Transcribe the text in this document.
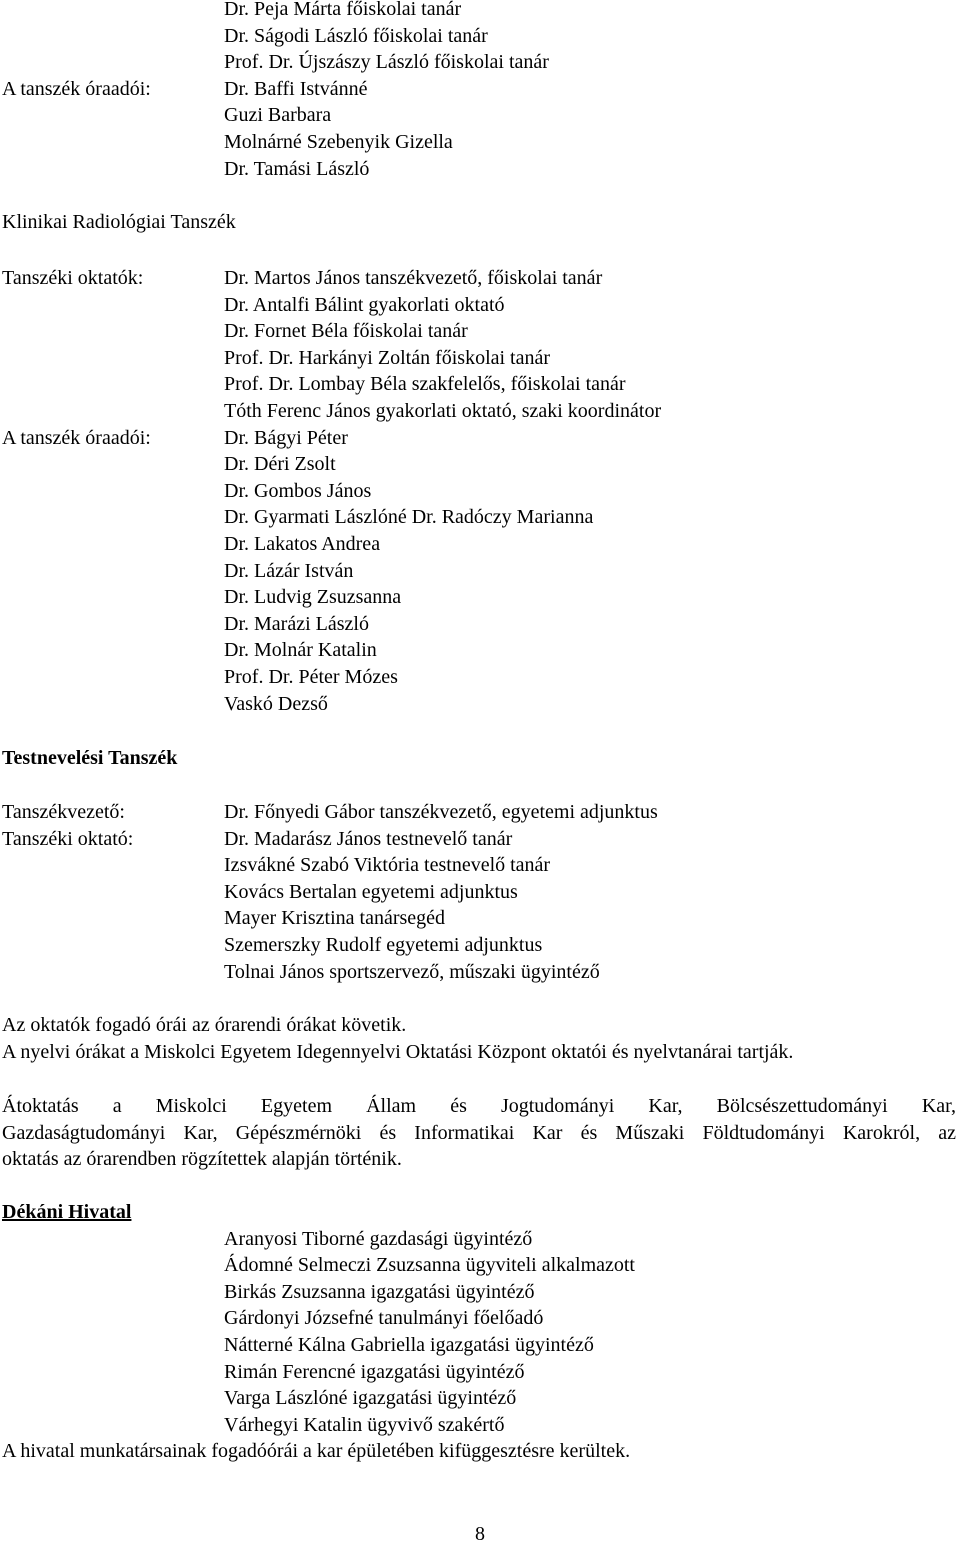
Dr. Peja Márta főiskolai tanár
Dr. Ságodi László főiskolai tanár
Prof. Dr. Újszászy László főiskolai tanár
A tanszék óraadói:	Dr. Baffi Istvánné
Guzi Barbara
Molnárné Szebenyik Gizella
Dr. Tamási László
Klinikai Radiológiai Tanszék
Tanszéki oktatók:	Dr. Martos János tanszékvezető, főiskolai tanár
Dr. Antalfi Bálint gyakorlati oktató
Dr. Fornet Béla főiskolai tanár
Prof. Dr. Harkányi Zoltán főiskolai tanár
Prof. Dr. Lombay Béla szakfelelős, főiskolai tanár
Tóth Ferenc János gyakorlati oktató, szaki koordinátor
A tanszék óraadói:	Dr. Bágyi Péter
Dr. Déri Zsolt
Dr. Gombos János
Dr. Gyarmati Lászlóné Dr. Radóczy Marianna
Dr. Lakatos Andrea
Dr. Lázár István
Dr. Ludvig Zsuzsanna
Dr. Marázi László
Dr. Molnár Katalin
Prof. Dr. Péter Mózes
Vaskó Dezső
Testnevelési Tanszék
Tanszékvezető:	Dr. Főnyedi Gábor tanszékvezető, egyetemi adjunktus
Tanszéki oktató:	Dr. Madarász János testnevelő tanár
Izsvákné Szabó Viktória testnevelő tanár
Kovács Bertalan egyetemi adjunktus
Mayer Krisztina tanársegéd
Szemerszky Rudolf egyetemi adjunktus
Tolnai János sportszervező, műszaki ügyintéző
Az oktatók fogadó órái az órarendi órákat követik.
A nyelvi órákat a Miskolci Egyetem Idegennyelvi Oktatási Központ oktatói és nyelvtanárai tartják.
Átoktatás a Miskolci Egyetem Állam és Jogtudományi Kar, Bölcsészettudományi Kar,
Gazdaságtudományi Kar, Gépészmérnöki és Informatikai Kar és Műszaki Földtudományi Karokról, az
oktatás az órarendben rögzítettek alapján történik.
Dékáni Hivatal
Aranyosi Tiborné gazdasági ügyintéző
Ádomné Selmeczi Zsuzsanna ügyviteli alkalmazott
Birkás Zsuzsanna igazgatási ügyintéző
Gárdonyi Józsefné tanulmányi főelőadó
Nátterné Kálna Gabriella igazgatási ügyintéző
Rimán Ferencné igazgatási ügyintéző
Varga Lászlóné igazgatási ügyintéző
Várhegyi Katalin ügyvivő szakértő
A hivatal munkatársainak fogadóórái a kar épületében kifüggesztésre kerültek.
8
